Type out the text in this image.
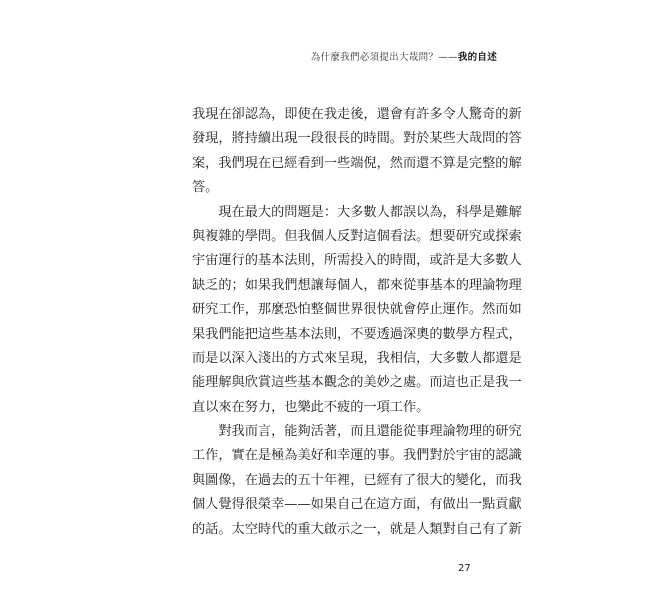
為什麼我們必須提出大哉問？——我的自述
我現在卻認為，即使在我走後，還會有許多令人驚奇的新
發現，將持續出現一段很長的時間。對於某些大哉問的答
案，我們現在已經看到一些端倪，然而還不算是完整的解
答。
　　現在最大的問題是：大多數人都誤以為，科學是難解
與複雜的學問。但我個人反對這個看法。想要研究或探索
宇宙運行的基本法則，所需投入的時間，或許是大多數人
缺乏的；如果我們想讓每個人，都來從事基本的理論物理
研究工作，那麼恐怕整個世界很快就會停止運作。然而如
果我們能把這些基本法則，不要透過深奧的數學方程式，
而是以深入淺出的方式來呈現，我相信，大多數人都還是
能理解與欣賞這些基本觀念的美妙之處。而這也正是我一
直以來在努力，也樂此不疲的一項工作。
　　對我而言，能夠活著，而且還能從事理論物理的研究
工作，實在是極為美好和幸運的事。我們對於宇宙的認識
與圖像，在過去的五十年裡，已經有了很大的變化，而我
個人覺得很榮幸——如果自己在這方面，有做出一點貢獻
的話。太空時代的重大啟示之一，就是人類對自己有了新
27
